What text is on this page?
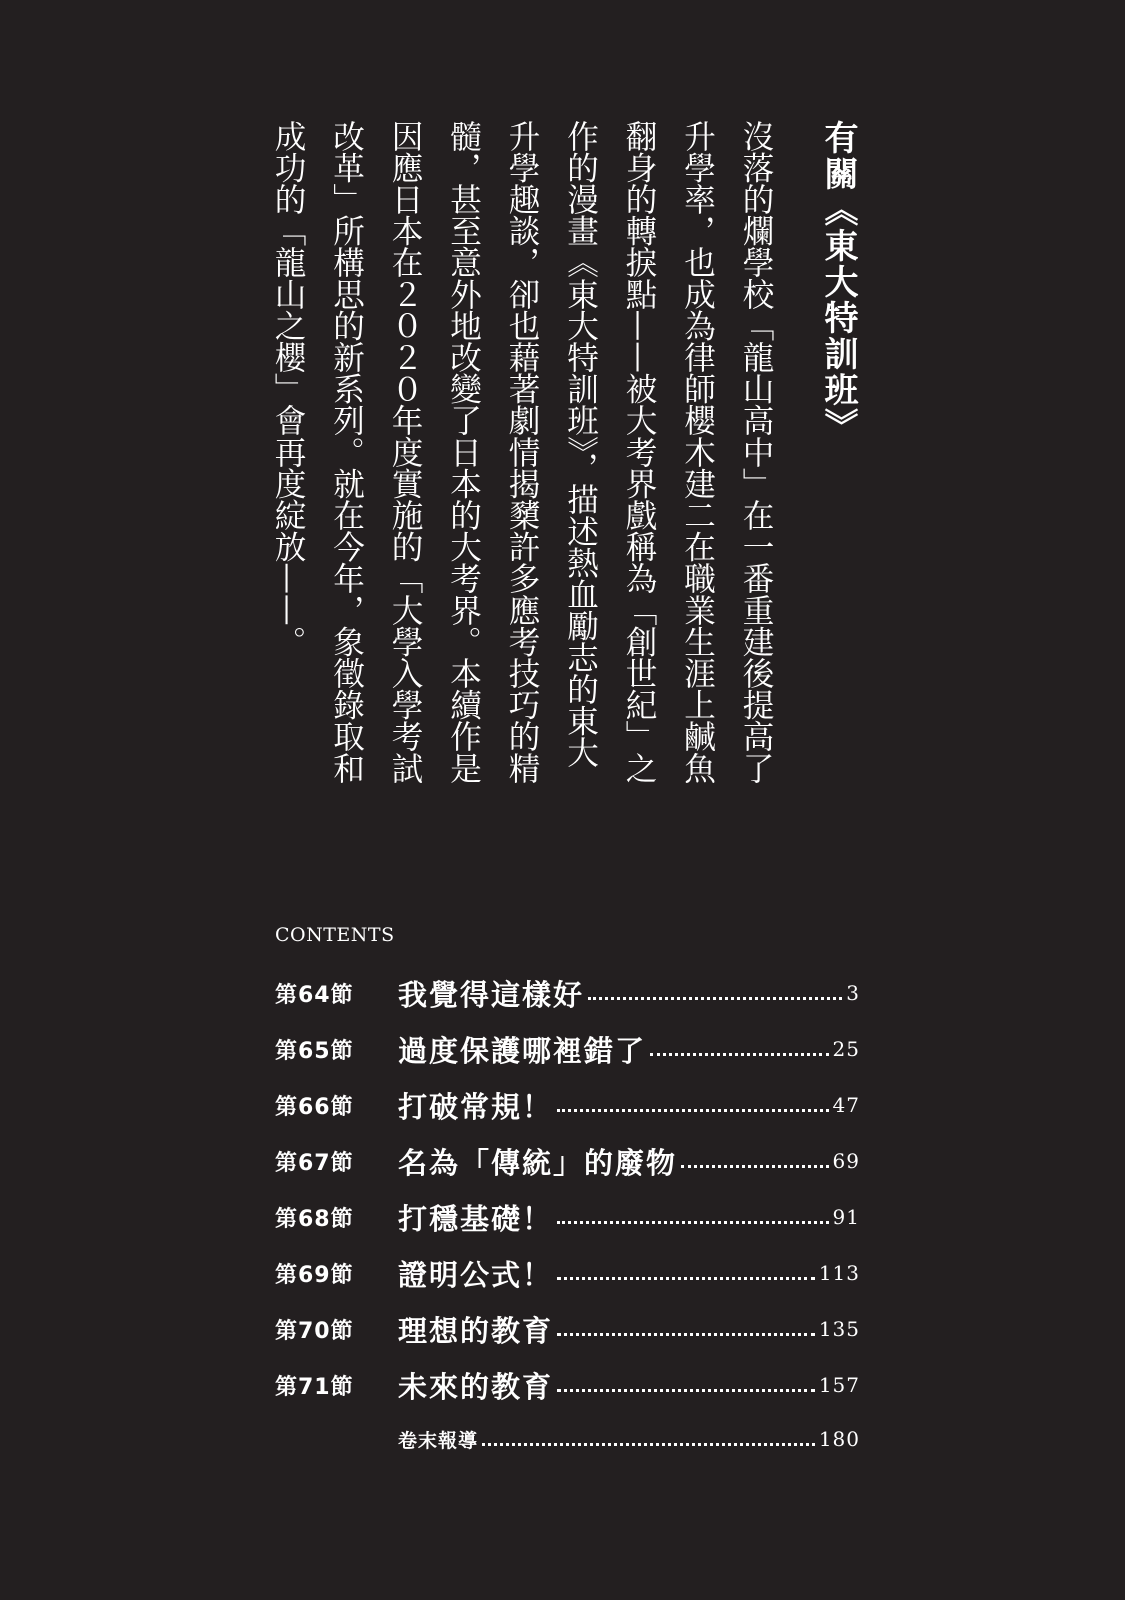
有關《東大特訓班》
沒落的爛學校「龍山高中」在一番重建後提高了升學率，也成為律師櫻木建二在職業生涯上鹹魚翻身的轉捩點——被大考界戲稱為「創世紀」之作的漫畫《東大特訓班》，描述熱血勵志的東大升學趣談，卻也藉著劇情揭櫫許多應考技巧的精髓，甚至意外地改變了日本的大考界。本續作是因應日本在２０２０年度實施的「大學入學考試改革」所構思的新系列。就在今年，象徵錄取和成功的「龍山之櫻」會再度綻放——。
CONTENTS
第64節	我覺得這樣好	3
第65節	過度保護哪裡錯了	25
第66節	打破常規！	47
第67節	名為「傳統」的廢物	69
第68節	打穩基礎！	91
第69節	證明公式！	113
第70節	理想的教育	135
第71節	未來的教育	157
卷末報導	180
